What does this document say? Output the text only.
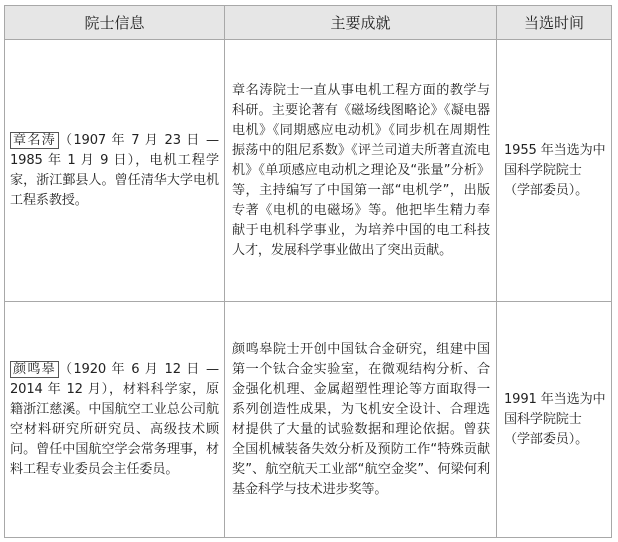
院士信息	主要成就	当选时间
章名涛 （1907 年 7 月 23 日 — 1985 年 1 月 9 日），电机工程学家，浙江鄞县人。曾任清华大学电机工程系教授。	章名涛院士一直从事电机工程方面的教学与科研。主要论著有《磁场线图略论》《凝电器电机》《同期感应电动机》《同步机在周期性振荡中的阻尼系数》《评兰司道夫所著直流电机》《单项感应电动机之理论及“张量”分析》等，主持编写了中国第一部“电机学”，出版专著《电机的电磁场》等。他把毕生精力奉献于电机科学事业，为培养中国的电工科技人才，发展科学事业做出了突出贡献。	1955 年当选为中国科学院院士（学部委员）。
颜鸣皋 （1920 年 6 月 12 日 — 2014 年 12 月），材料科学家，原籍浙江慈溪。中国航空工业总公司航空材料研究所研究员、高级技术顾问。曾任中国航空学会常务理事，材料工程专业委员会主任委员。	颜鸣皋院士开创中国钛合金研究，组建中国第一个钛合金实验室，在微观结构分析、合金强化机理、金属超塑性理论等方面取得一系列创造性成果，为飞机安全设计、合理选材提供了大量的试验数据和理论依据。曾获全国机械装备失效分析及预防工作“特殊贡献奖”、航空航天工业部“航空金奖”、何梁何利基金科学与技术进步奖等。	1991 年当选为中国科学院院士（学部委员）。
